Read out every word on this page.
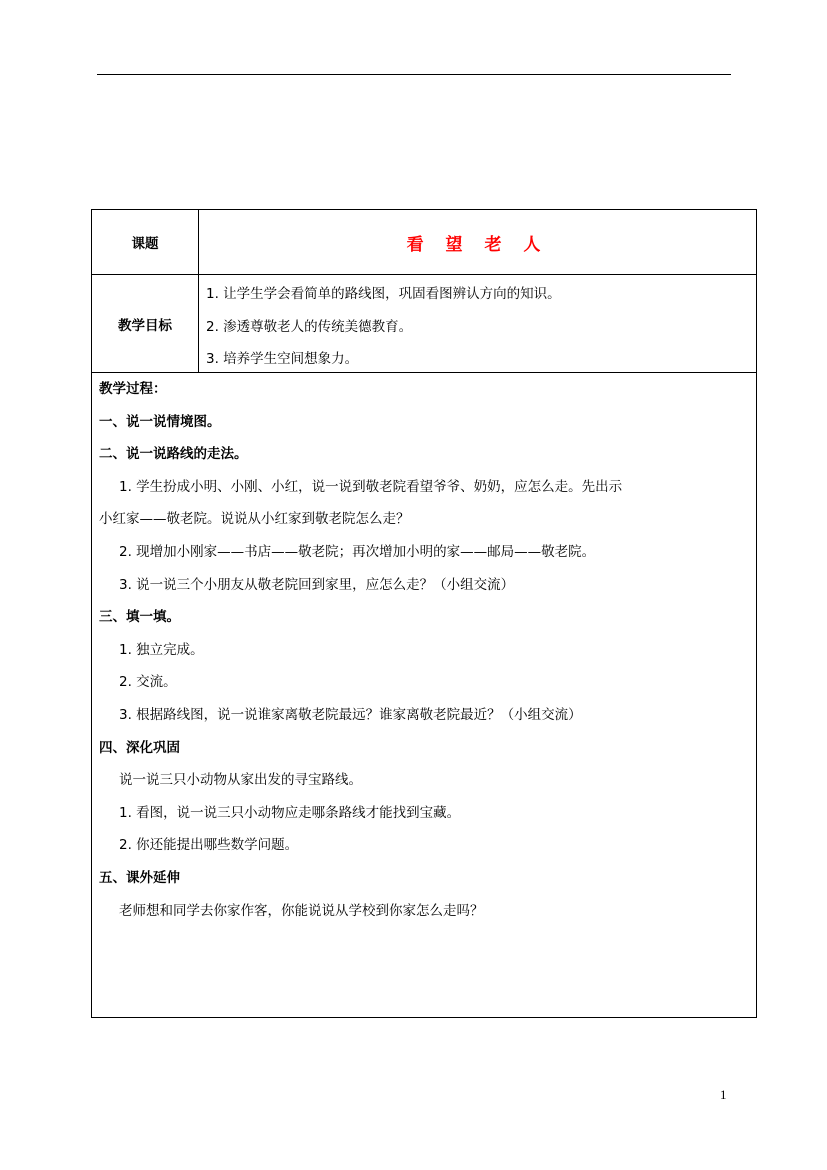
课题	看 望 老 人
教学目标
1. 让学生学会看简单的路线图，巩固看图辨认方向的知识。
2. 渗透尊敬老人的传统美德教育。
3. 培养学生空间想象力。
教学过程：
一、说一说情境图。
二、说一说路线的走法。
1. 学生扮成小明、小刚、小红，说一说到敬老院看望爷爷、奶奶，应怎么走。先出示
小红家——敬老院。说说从小红家到敬老院怎么走？
2. 现增加小刚家——书店——敬老院；再次增加小明的家——邮局——敬老院。
3. 说一说三个小朋友从敬老院回到家里，应怎么走？（小组交流）
三、填一填。
1. 独立完成。
2. 交流。
3. 根据路线图，说一说谁家离敬老院最远？谁家离敬老院最近？（小组交流）
四、深化巩固
说一说三只小动物从家出发的寻宝路线。
1. 看图，说一说三只小动物应走哪条路线才能找到宝藏。
2. 你还能提出哪些数学问题。
五、课外延伸
老师想和同学去你家作客，你能说说从学校到你家怎么走吗？
1
